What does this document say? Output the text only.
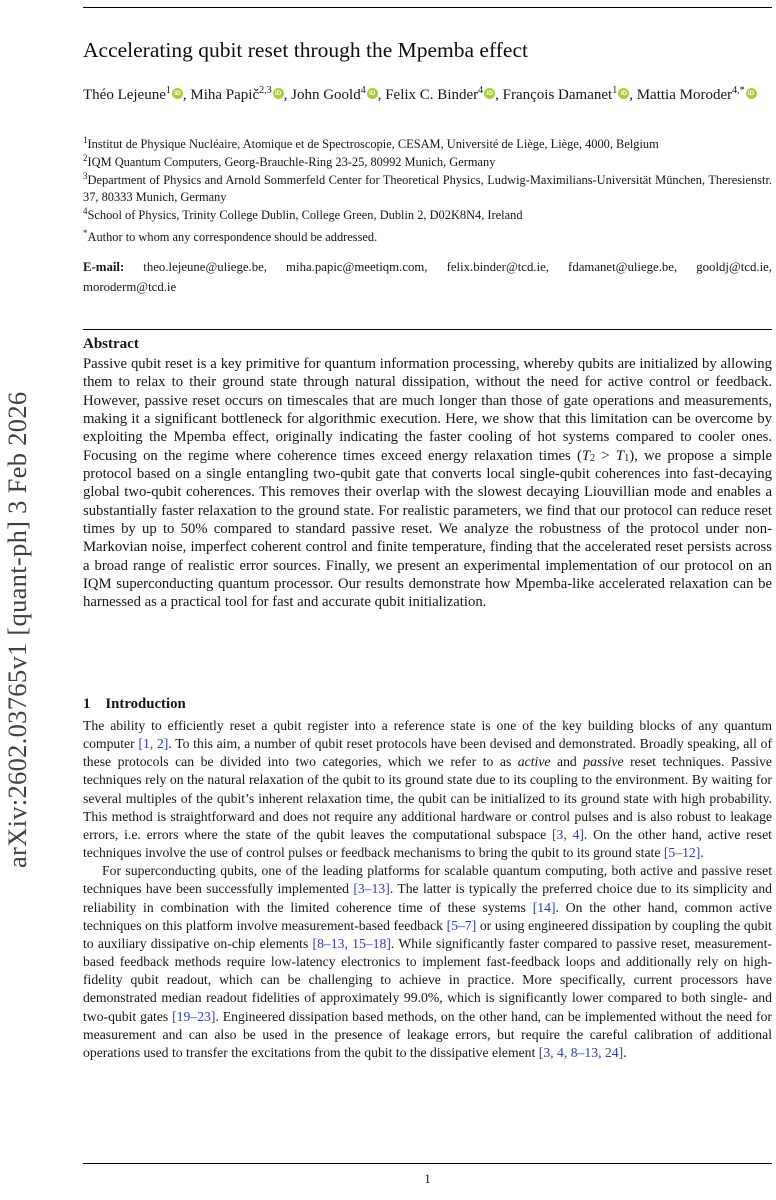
arXiv:2602.03765v1 [quant-ph] 3 Feb 2026
Accelerating qubit reset through the Mpemba effect
Théo Lejeune$^1$ iD , Miha Papič$^{2,3}$ iD , John Goold$^4$ iD , Felix C. Binder$^4$ iD , François Damanet$^1$ iD , Mattia Moroder$^{4,*}$ iD
$^1$Institut de Physique Nucléaire, Atomique et de Spectroscopie, CESAM, Université de Liège, Liège, 4000, Belgium
$^2$IQM Quantum Computers, Georg-Brauchle-Ring 23-25, 80992 Munich, Germany
$^3$Department of Physics and Arnold Sommerfeld Center for Theoretical Physics, Ludwig-Maximilians-Universität München, Theresienstr. 37, 80333 Munich, Germany
$^4$School of Physics, Trinity College Dublin, College Green, Dublin 2, D02K8N4, Ireland
*Author to whom any correspondence should be addressed.
E-mail: theo.lejeune@uliege.be, miha.papic@meetiqm.com, felix.binder@tcd.ie, fdamanet@uliege.be, gooldj@tcd.ie, moroderm@tcd.ie
Abstract
Passive qubit reset is a key primitive for quantum information processing, whereby qubits are initialized by allowing them to relax to their ground state through natural dissipation, without the need for active control or feedback. However, passive reset occurs on timescales that are much longer than those of gate operations and measurements, making it a significant bottleneck for algorithmic execution. Here, we show that this limitation can be overcome by exploiting the Mpemba effect, originally indicating the faster cooling of hot systems compared to cooler ones. Focusing on the regime where coherence times exceed energy relaxation times (T2 > T1), we propose a simple protocol based on a single entangling two-qubit gate that converts local single-qubit coherences into fast-decaying global two-qubit coherences. This removes their overlap with the slowest decaying Liouvillian mode and enables a substantially faster relaxation to the ground state. For realistic parameters, we find that our protocol can reduce reset times by up to 50% compared to standard passive reset. We analyze the robustness of the protocol under non-Markovian noise, imperfect coherent control and finite temperature, finding that the accelerated reset persists across a broad range of realistic error sources. Finally, we present an experimental implementation of our protocol on an IQM superconducting quantum processor. Our results demonstrate how Mpemba-like accelerated relaxation can be harnessed as a practical tool for fast and accurate qubit initialization.
1 Introduction
The ability to efficiently reset a qubit register into a reference state is one of the key building blocks of any quantum computer [1, 2]. To this aim, a number of qubit reset protocols have been devised and demonstrated. Broadly speaking, all of these protocols can be divided into two categories, which we refer to as active and passive reset techniques. Passive techniques rely on the natural relaxation of the qubit to its ground state due to its coupling to the environment. By waiting for several multiples of the qubit’s inherent relaxation time, the qubit can be initialized to its ground state with high probability. This method is straightforward and does not require any additional hardware or control pulses and is also robust to leakage errors, i.e. errors where the state of the qubit leaves the computational subspace [3, 4]. On the other hand, active reset techniques involve the use of control pulses or feedback mechanisms to bring the qubit to its ground state [5–12].
For superconducting qubits, one of the leading platforms for scalable quantum computing, both active and passive reset techniques have been successfully implemented [3–13]. The latter is typically the preferred choice due to its simplicity and reliability in combination with the limited coherence time of these systems [14]. On the other hand, common active techniques on this platform involve measurement-based feedback [5–7] or using engineered dissipation by coupling the qubit to auxiliary dissipative on-chip elements [8–13, 15–18]. While significantly faster compared to passive reset, measurement-based feedback methods require low-latency electronics to implement fast-feedback loops and additionally rely on high-fidelity qubit readout, which can be challenging to achieve in practice. More specifically, current processors have demonstrated median readout fidelities of approximately 99.0%, which is significantly lower compared to both single- and two-qubit gates [19–23]. Engineered dissipation based methods, on the other hand, can be implemented without the need for measurement and can also be used in the presence of leakage errors, but require the careful calibration of additional operations used to transfer the excitations from the qubit to the dissipative element [3, 4, 8–13, 24].
1
